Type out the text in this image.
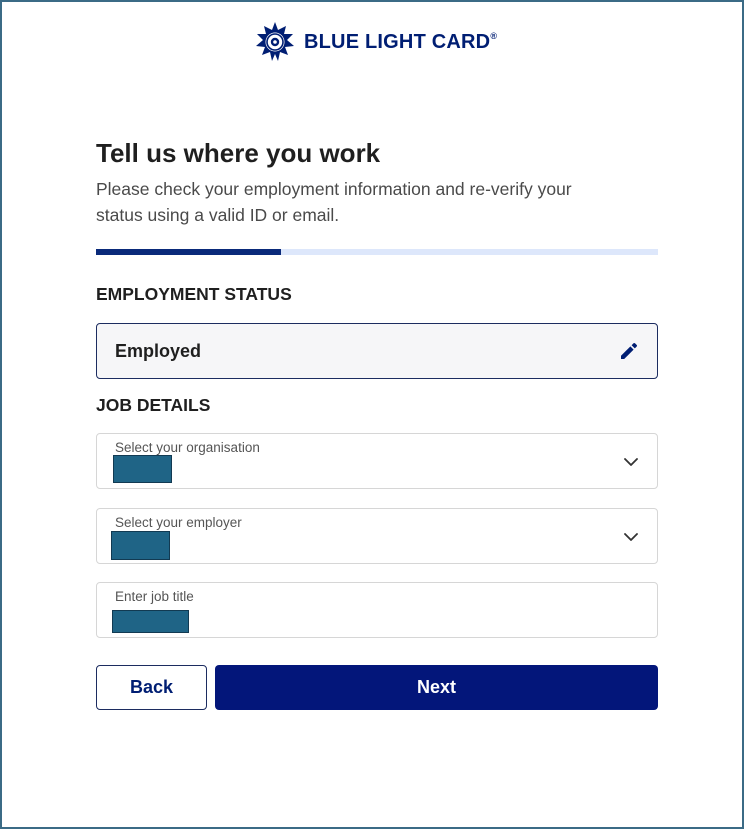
BLUE LIGHT CARD®
Tell us where you work

Please check your employment information and re-verify your
status using a valid ID or email.

EMPLOYMENT STATUS
Employed
JOB DETAILS
Select your organisation
Select your employer
Enter job title
Back	Next
